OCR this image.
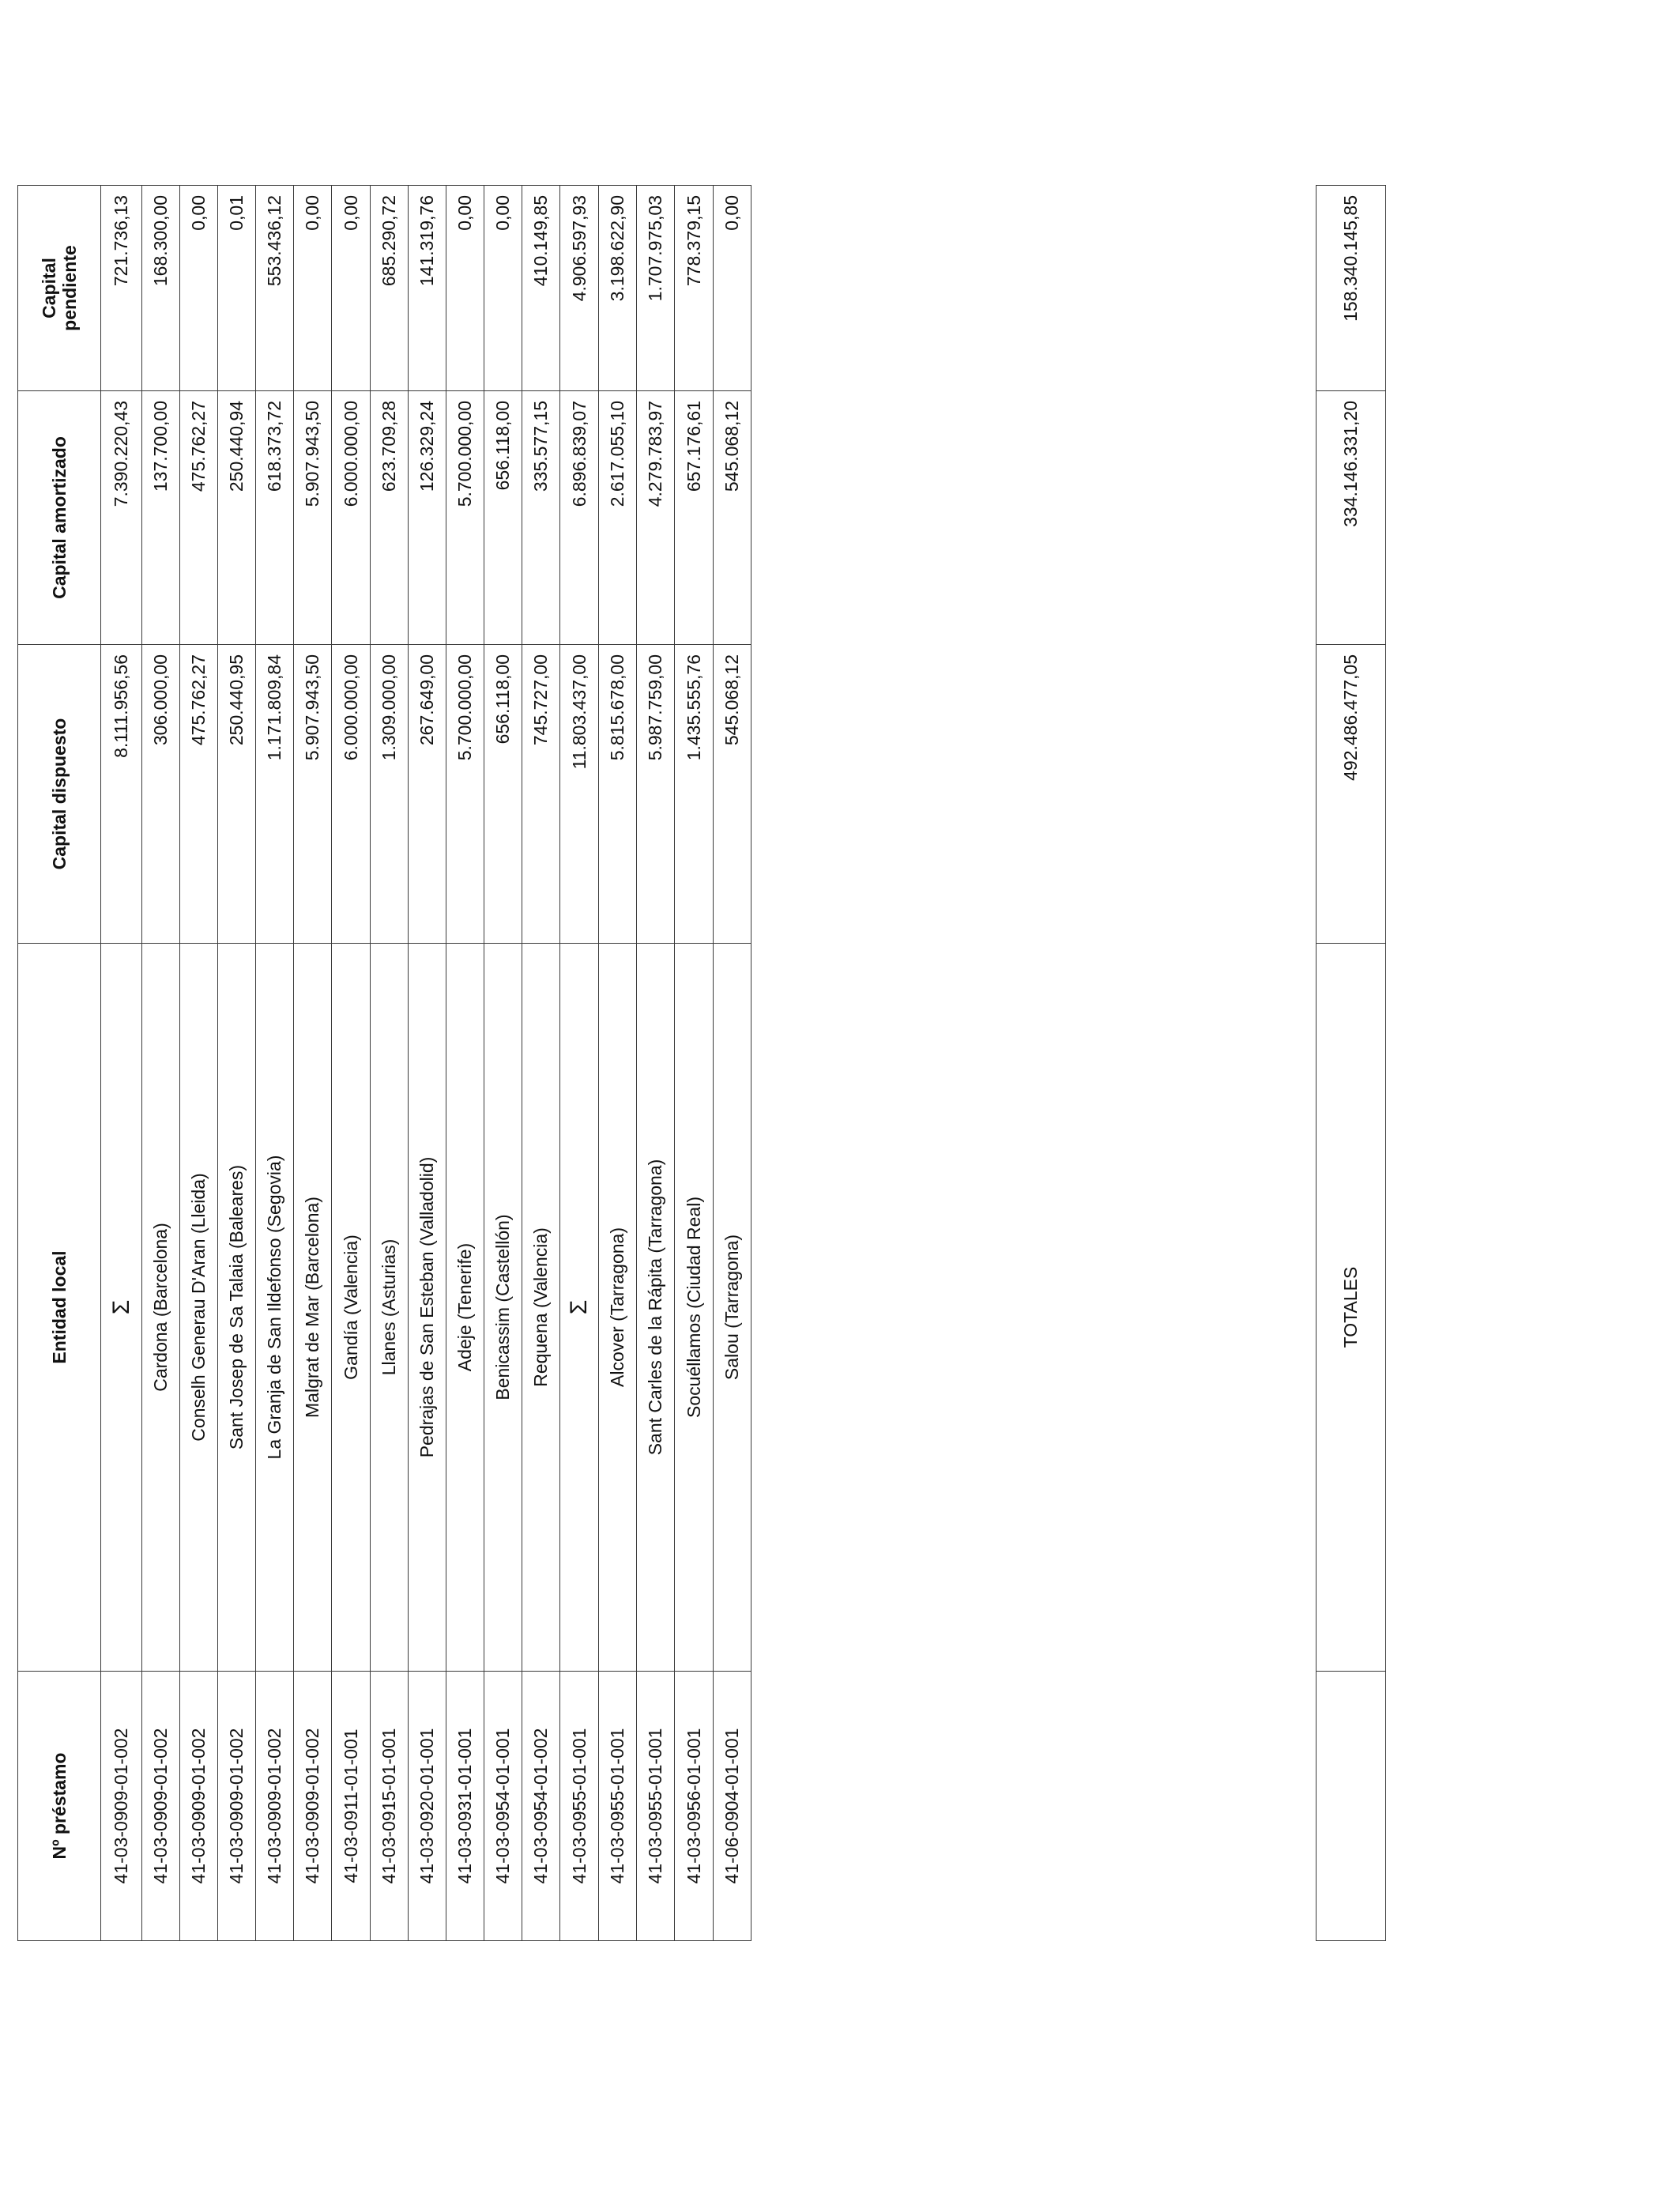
Nº préstamo	Entidad local	Capital dispuesto	Capital amortizado	Capital pendiente
41-03-0909-01-002	Σ	8.111.956,56	7.390.220,43	721.736,13
41-03-0909-01-002	Cardona (Barcelona)	306.000,00	137.700,00	168.300,00
41-03-0909-01-002	Conselh Generau D'Aran (Lleida)	475.762,27	475.762,27	0,00
41-03-0909-01-002	Sant Josep de Sa Talaia (Baleares)	250.440,95	250.440,94	0,01
41-03-0909-01-002	La Granja de San Ildefonso (Segovia)	1.171.809,84	618.373,72	553.436,12
41-03-0909-01-002	Malgrat de Mar (Barcelona)	5.907.943,50	5.907.943,50	0,00
41-03-0911-01-001	Gandía (Valencia)	6.000.000,00	6.000.000,00	0,00
41-03-0915-01-001	Llanes (Asturias)	1.309.000,00	623.709,28	685.290,72
41-03-0920-01-001	Pedrajas de San Esteban (Valladolid)	267.649,00	126.329,24	141.319,76
41-03-0931-01-001	Adeje (Tenerife)	5.700.000,00	5.700.000,00	0,00
41-03-0954-01-001	Benicassim (Castellón)	656.118,00	656.118,00	0,00
41-03-0954-01-002	Requena (Valencia)	745.727,00	335.577,15	410.149,85
41-03-0955-01-001	Σ	11.803.437,00	6.896.839,07	4.906.597,93
41-03-0955-01-001	Alcover (Tarragona)	5.815.678,00	2.617.055,10	3.198.622,90
41-03-0955-01-001	Sant Carles de la Rápita (Tarragona)	5.987.759,00	4.279.783,97	1.707.975,03
41-03-0956-01-001	Socuéllamos (Ciudad Real)	1.435.555,76	657.176,61	778.379,15
41-06-0904-01-001	Salou (Tarragona)	545.068,12	545.068,12	0,00
	TOTALES	492.486.477,05	334.146.331,20	158.340.145,85
